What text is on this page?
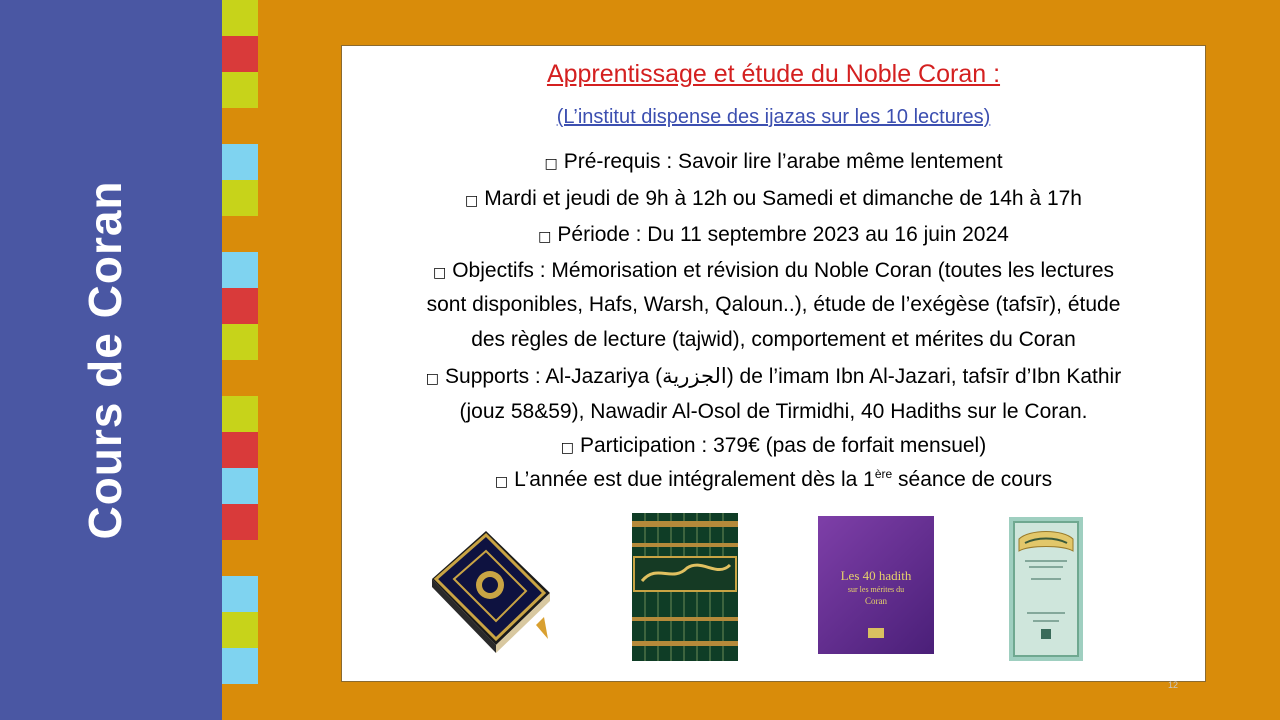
Cours de Coran
Apprentissage et étude du Noble Coran :
(L’institut dispense des ijazas sur les 10 lectures)
□ Pré-requis : Savoir lire l’arabe même lentement
□ Mardi et jeudi de 9h à 12h ou Samedi et dimanche de 14h à 17h
□ Période : Du 11 septembre 2023 au 16 juin 2024
□ Objectifs : Mémorisation et révision du Noble Coran (toutes les lectures
sont disponibles, Hafs, Warsh, Qaloun..), étude de l’exégèse (tafsīr), étude
des règles de lecture (tajwid), comportement et mérites du Coran
□ Supports : Al-Jazariya (الجزرية) de l’imam Ibn Al-Jazari, tafsīr d’Ibn Kathir
(jouz 58&59), Nawadir Al-Osol de Tirmidhi, 40 Hadiths sur le Coran.
□ Participation : 379€ (pas de forfait mensuel)
□ L’année est due intégralement dès la 1ère séance de cours
Les 40 hadith
sur les mérites du
Coran
12
